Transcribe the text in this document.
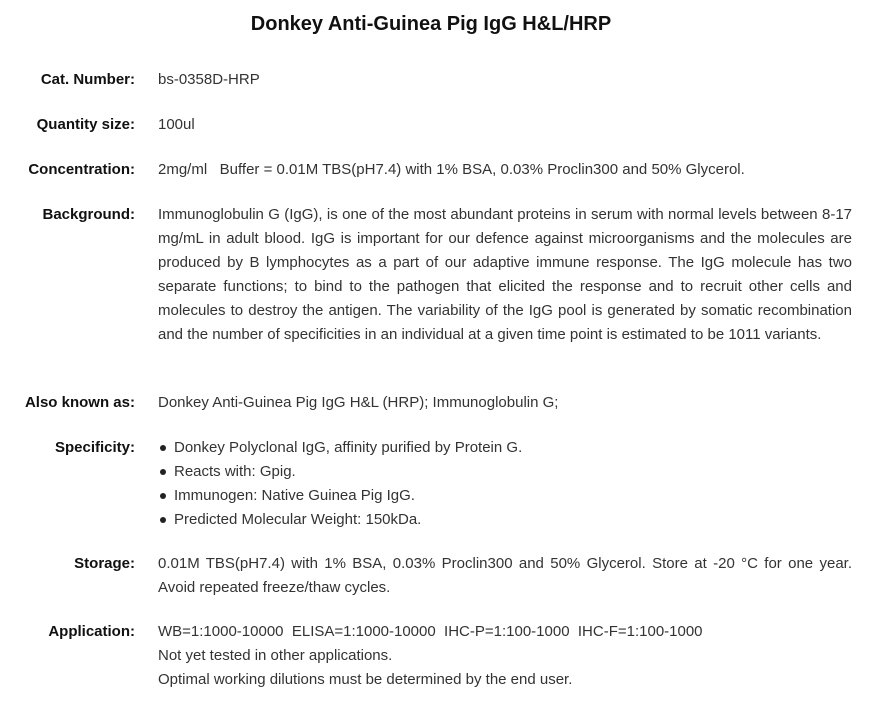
Donkey Anti-Guinea Pig IgG H&L/HRP
Cat. Number: bs-0358D-HRP
Quantity size: 100ul
Concentration: 2mg/ml   Buffer = 0.01M TBS(pH7.4) with 1% BSA, 0.03% Proclin300 and 50% Glycerol.
Background: Immunoglobulin G (IgG), is one of the most abundant proteins in serum with normal levels between 8-17 mg/mL in adult blood. IgG is important for our defence against microorganisms and the molecules are produced by B lymphocytes as a part of our adaptive immune response. The IgG molecule has two separate functions; to bind to the pathogen that elicited the response and to recruit other cells and molecules to destroy the antigen. The variability of the IgG pool is generated by somatic recombination and the number of specificities in an individual at a given time point is estimated to be 1011 variants.
Also known as: Donkey Anti-Guinea Pig IgG H&L (HRP); Immunoglobulin G;
Specificity:	Donkey Polyclonal IgG, affinity purified by Protein G.
Reacts with: Gpig.
Immunogen: Native Guinea Pig IgG.
Predicted Molecular Weight: 150kDa.
Storage: 0.01M TBS(pH7.4) with 1% BSA, 0.03% Proclin300 and 50% Glycerol. Store at -20 °C for one year. Avoid repeated freeze/thaw cycles.
Application: WB=1:1000-10000  ELISA=1:1000-10000  IHC-P=1:100-1000  IHC-F=1:100-1000
Not yet tested in other applications.
Optimal working dilutions must be determined by the end user.
